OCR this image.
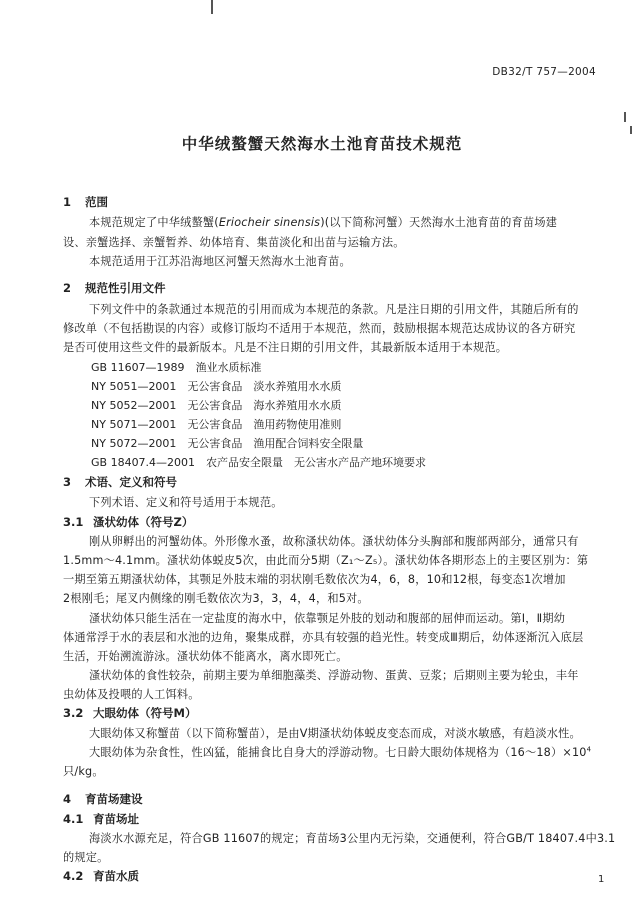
DB32/T 757—2004
中华绒螯蟹天然海水土池育苗技术规范
1 范围
本规范规定了中华绒螯蟹(Eriocheir sinensis)(以下简称河蟹）天然海水土池育苗的育苗场建
设、亲蟹选择、亲蟹暂养、幼体培育、集苗淡化和出苗与运输方法。
本规范适用于江苏沿海地区河蟹天然海水土池育苗。
2 规范性引用文件
下列文件中的条款通过本规范的引用而成为本规范的条款。凡是注日期的引用文件，其随后所有的
修改单（不包括勘误的内容）或修订版均不适用于本规范，然而，鼓励根据本规范达成协议的各方研究
是否可使用这些文件的最新版本。凡是不注日期的引用文件，其最新版本适用于本规范。
GB 11607—1989　 渔业水质标准
NY 5051—2001　 无公害食品　淡水养殖用水水质
NY 5052—2001　 无公害食品　海水养殖用水水质
NY 5071—2001　 无公害食品　渔用药物使用准则
NY 5072—2001　 无公害食品　渔用配合饲料安全限量
GB 18407.4—2001　 农产品安全限量　无公害水产品产地环境要求
3 术语、定义和符号
下列术语、定义和符号适用于本规范。
3.1 溞状幼体（符号Z）
刚从卵孵出的河蟹幼体。外形像水蚤，故称溞状幼体。溞状幼体分头胸部和腹部两部分，通常只有
1.5mm～4.1mm。溞状幼体蜕皮5次，由此而分5期（Z₁～Z₅）。溞状幼体各期形态上的主要区别为：第
一期至第五期溞状幼体，其颚足外肢末端的羽状刚毛数依次为4，6，8，10和12根，每变态1次增加
2根刚毛；尾叉内侧缘的刚毛数依次为3，3，4，4，和5对。
溞状幼体只能生活在一定盐度的海水中，依靠颚足外肢的划动和腹部的屈伸而运动。第Ⅰ，Ⅱ期幼
体通常浮于水的表层和水池的边角，聚集成群，亦具有较强的趋光性。转变成Ⅲ期后，幼体逐渐沉入底层
生活，开始溯流游泳。溞状幼体不能离水，离水即死亡。
溞状幼体的食性较杂，前期主要为单细胞藻类、浮游动物、蛋黄、豆浆；后期则主要为轮虫，丰年
虫幼体及投喂的人工饵料。
3.2 大眼幼体（符号M）
大眼幼体又称蟹苗（以下简称蟹苗），是由Ⅴ期溞状幼体蜕皮变态而成，对淡水敏感，有趋淡水性。
大眼幼体为杂食性，性凶猛，能捕食比自身大的浮游动物。七日龄大眼幼体规格为$(16\sim 18)\times 10^4$
只/kg。
4 育苗场建设
4.1 育苗场址
海淡水水源充足，符合GB 11607的规定；育苗场3公里内无污染，交通便利，符合GB/T 18407.4中3.1
的规定。
4.2 育苗水质	1
